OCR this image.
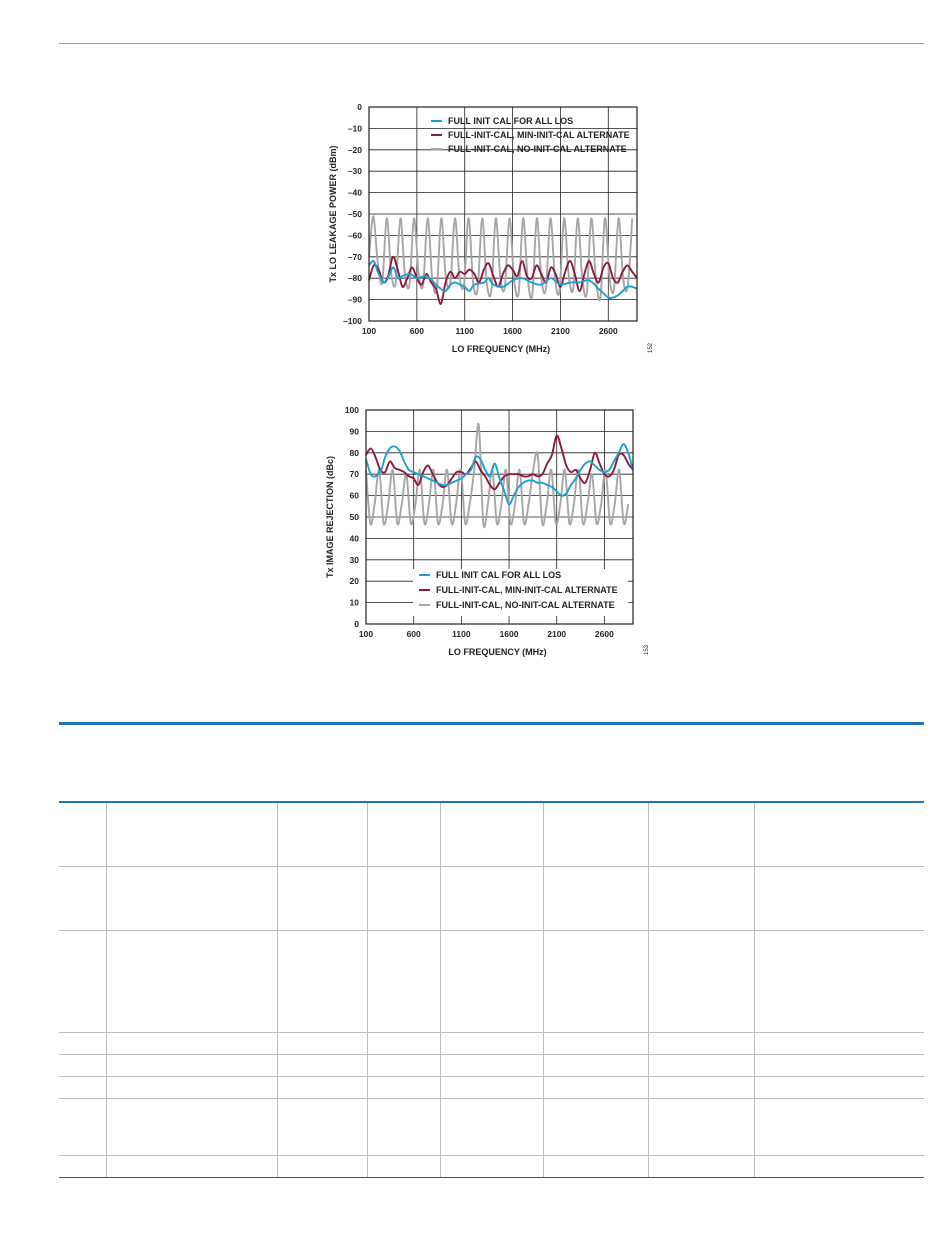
FULL INIT CAL FOR ALL LOS
FULL-INIT-CAL, MIN-INIT-CAL ALTERNATE
FULL-INIT-CAL, NO-INIT-CAL ALTERNATE
0
–10
–20
–30
–40
–50
–60
–70
–80
–90
–100
100	600	1100	1600	2100	2600
LO FREQUENCY (MHz)
Tx LO LEAKAGE POWER (dBm)
152
FULL INIT CAL FOR ALL LOS
FULL-INIT-CAL, MIN-INIT-CAL ALTERNATE
FULL-INIT-CAL, NO-INIT-CAL ALTERNATE
0
10
20
30
40
50
60
70
80
90
100
100	600	1100	1600	2100	2600
LO FREQUENCY (MHz)
Tx IMAGE REJECTION (dBc)
153
